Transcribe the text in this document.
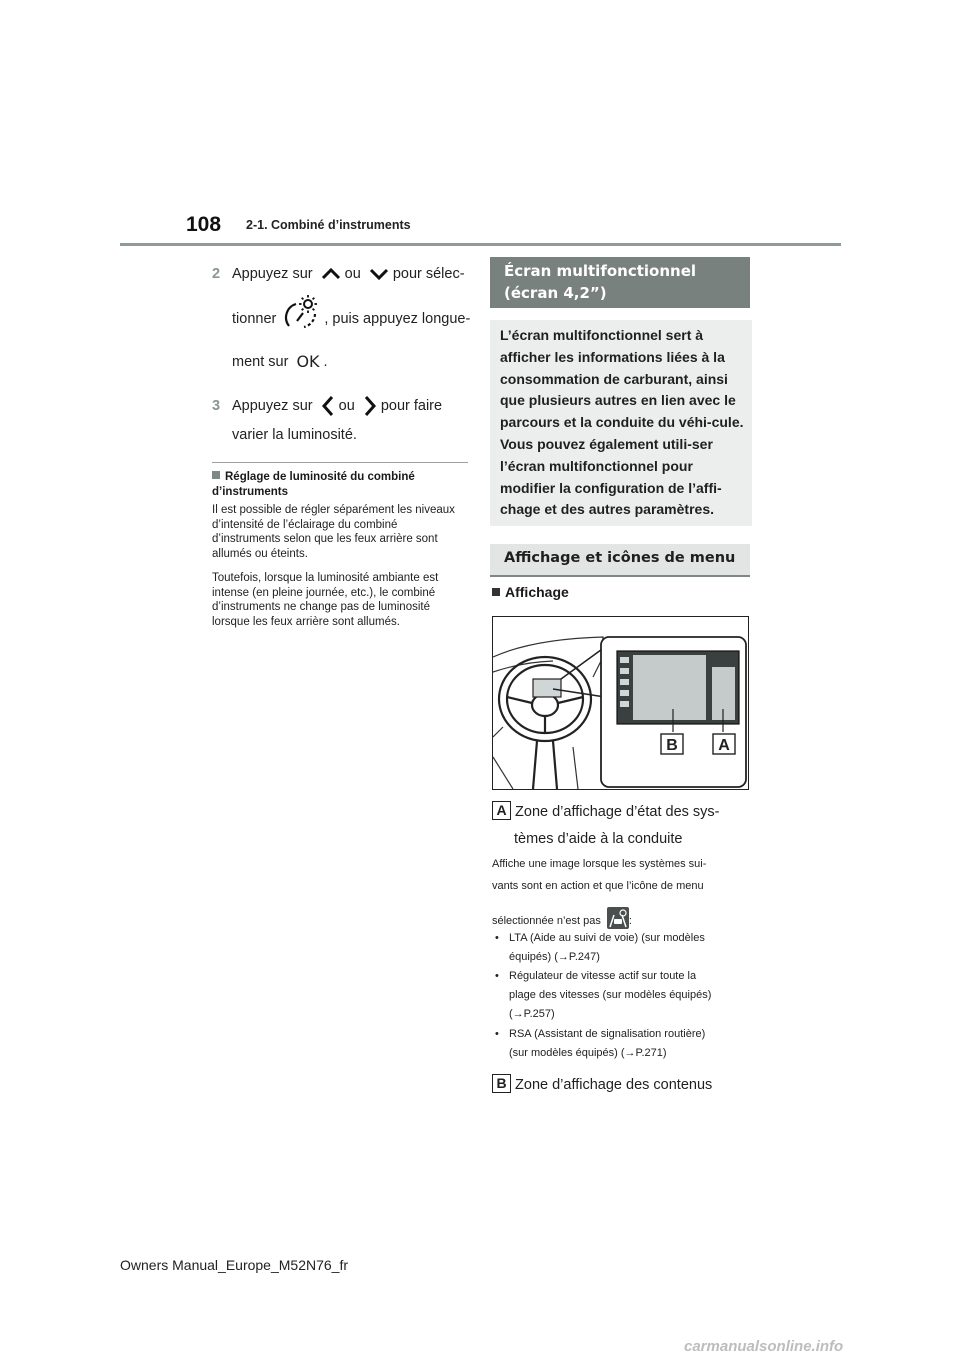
108 2-1. Combiné d’instruments
2 Appuyez sur ou pour sélec-
tionner	, puis appuyez longue-
ment sur OK .
3 Appuyez sur ou pour faire
varier la luminosité.
Réglage de luminosité du combiné d’instruments
Il est possible de régler séparément les niveaux d’intensité de l’éclairage du combiné d’instruments selon que les feux arrière sont allumés ou éteints.
Toutefois, lorsque la luminosité ambiante est intense (en pleine journée, etc.), le combiné d’instruments ne change pas de luminosité lorsque les feux arrière sont allumés.
Écran multifonctionnel
(écran 4,2”)
L’écran multifonctionnel sert à afficher les informations liées à la consommation de carburant, ainsi que plusieurs autres en lien avec le parcours et la conduite du véhi-cule. Vous pouvez également utili-ser l’écran multifonctionnel pour modifier la configuration de l’affi-chage et des autres paramètres.
Affichage et icônes de menu
Affichage
B	A
A Zone d’affichage d’état des sys-
tèmes d’aide à la conduite
Affiche une image lorsque les systèmes sui-
vants sont en action et que l’icône de menu
sélectionnée n’est pas	:
• LTA (Aide au suivi de voie) (sur modèles
équipés) (→P.247)
• Régulateur de vitesse actif sur toute la
plage des vitesses (sur modèles équipés)
(→P.257)
• RSA (Assistant de signalisation routière)
(sur modèles équipés) (→P.271)
B Zone d’affichage des contenus
Owners Manual_Europe_M52N76_fr
carmanualsonline.info
